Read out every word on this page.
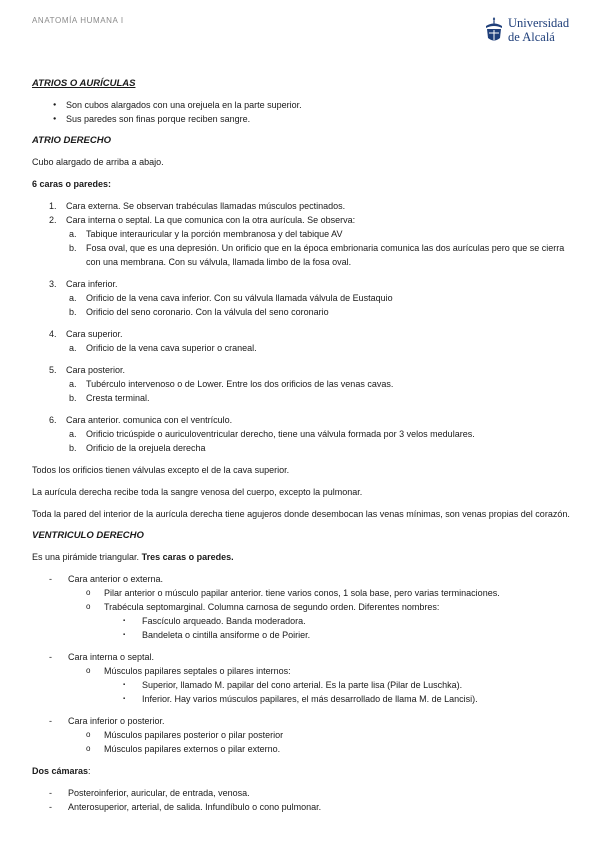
ANATOMÍA HUMANA I	Universidad
de Alcalá
ATRIOS O AURÍCULAS
● Son cubos alargados con una orejuela en la parte superior.
● Sus paredes son finas porque reciben sangre.
ATRIO DERECHO

Cubo alargado de arriba a abajo.

6 caras o paredes:

1. Cara externa. Se observan trabéculas llamadas músculos pectinados.
2. Cara interna o septal. La que comunica con la otra aurícula. Se observa:
a. Tabique interauricular y la porción membranosa y del tabique AV
b. Fosa oval, que es una depresión. Un orificio que en la época embrionaria comunica las dos aurículas pero que se cierra con una membrana. Con su válvula, llamada limbo de la fosa oval.
3. Cara inferior.
a. Orificio de la vena cava inferior. Con su válvula llamada válvula de Eustaquio
b. Orificio del seno coronario. Con la válvula del seno coronario
4. Cara superior.
a. Orificio de la vena cava superior o craneal.
5. Cara posterior.
a. Tubérculo intervenoso o de Lower. Entre los dos orificios de las venas cavas.
b. Cresta terminal.
6. Cara anterior. comunica con el ventrículo.
a. Orificio tricúspide o auriculoventricular derecho, tiene una válvula formada por 3 velos medulares.
b. Orificio de la orejuela derecha

Todos los orificios tienen válvulas excepto el de la cava superior.

La aurícula derecha recibe toda la sangre venosa del cuerpo, excepto la pulmonar.

Toda la pared del interior de la aurícula derecha tiene agujeros donde desembocan las venas mínimas, son venas propias del corazón.

VENTRICULO DERECHO

Es una pirámide triangular. Tres caras o paredes.

- Cara anterior o externa.
o Pilar anterior o músculo papilar anterior. tiene varios conos, 1 sola base, pero varias terminaciones.
o Trabécula septomarginal. Columna carnosa de segundo orden. Diferentes nombres:
▪ Fascículo arqueado. Banda moderadora.
▪ Bandeleta o cintilla ansiforme o de Poirier.
- Cara interna o septal.
o Músculos papilares septales o pilares internos:
▪ Superior, llamado M. papilar del cono arterial. Es la parte lisa (Pilar de Luschka).
▪ Inferior. Hay varios músculos papilares, el más desarrollado de llama M. de Lancisi).
- Cara inferior o posterior.
o Músculos papilares posterior o pilar posterior
o Músculos papilares externos o pilar externo.

Dos cámaras:

- Posteroinferior, auricular, de entrada, venosa.
- Anterosuperior, arterial, de salida. Infundíbulo o cono pulmonar.
